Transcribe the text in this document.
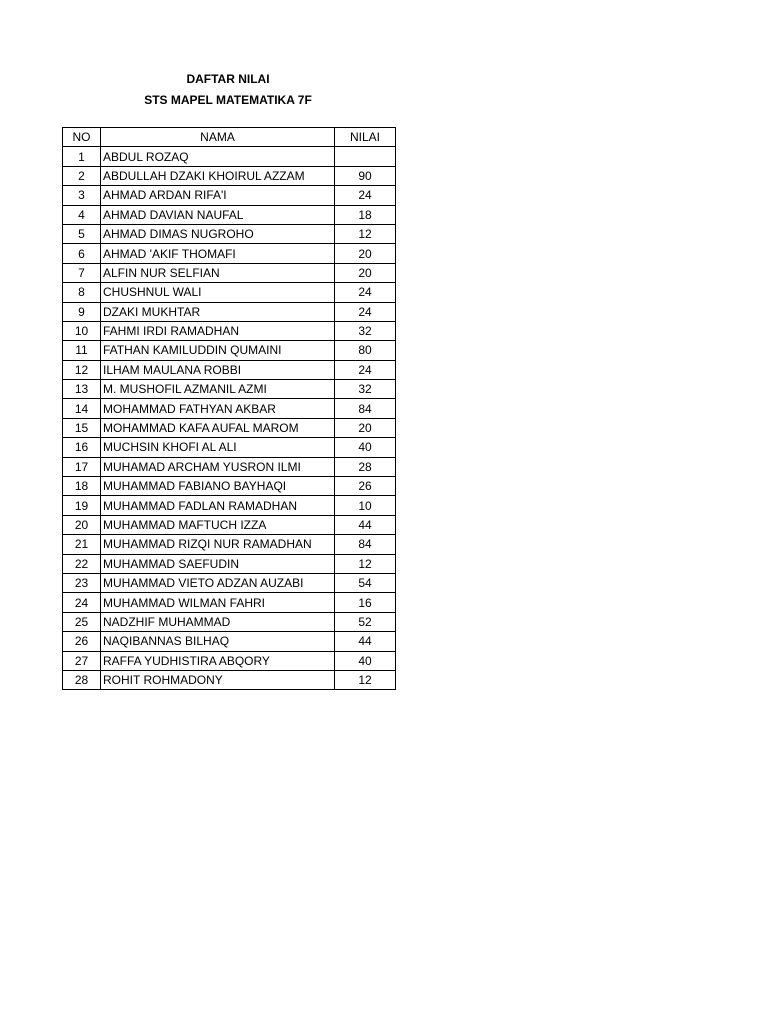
DAFTAR NILAI
STS MAPEL MATEMATIKA 7F
NO	NAMA	NILAI
1	ABDUL ROZAQ	
2	ABDULLAH DZAKI KHOIRUL AZZAM	90
3	AHMAD ARDAN RIFA'I	24
4	AHMAD DAVIAN NAUFAL	18
5	AHMAD DIMAS NUGROHO	12
6	AHMAD 'AKIF THOMAFI	20
7	ALFIN NUR SELFIAN	20
8	CHUSHNUL WALI	24
9	DZAKI MUKHTAR	24
10	FAHMI IRDI RAMADHAN	32
11	FATHAN KAMILUDDIN QUMAINI	80
12	ILHAM MAULANA ROBBI	24
13	M. MUSHOFIL AZMANIL AZMI	32
14	MOHAMMAD FATHYAN AKBAR	84
15	MOHAMMAD KAFA AUFAL MAROM	20
16	MUCHSIN KHOFI AL ALI	40
17	MUHAMAD ARCHAM YUSRON ILMI	28
18	MUHAMMAD FABIANO BAYHAQI	26
19	MUHAMMAD FADLAN RAMADHAN	10
20	MUHAMMAD MAFTUCH IZZA	44
21	MUHAMMAD RIZQI NUR RAMADHAN	84
22	MUHAMMAD SAEFUDIN	12
23	MUHAMMAD VIETO ADZAN AUZABI	54
24	MUHAMMAD WILMAN FAHRI	16
25	NADZHIF MUHAMMAD	52
26	NAQIBANNAS BILHAQ	44
27	RAFFA YUDHISTIRA ABQORY	40
28	ROHIT ROHMADONY	12
